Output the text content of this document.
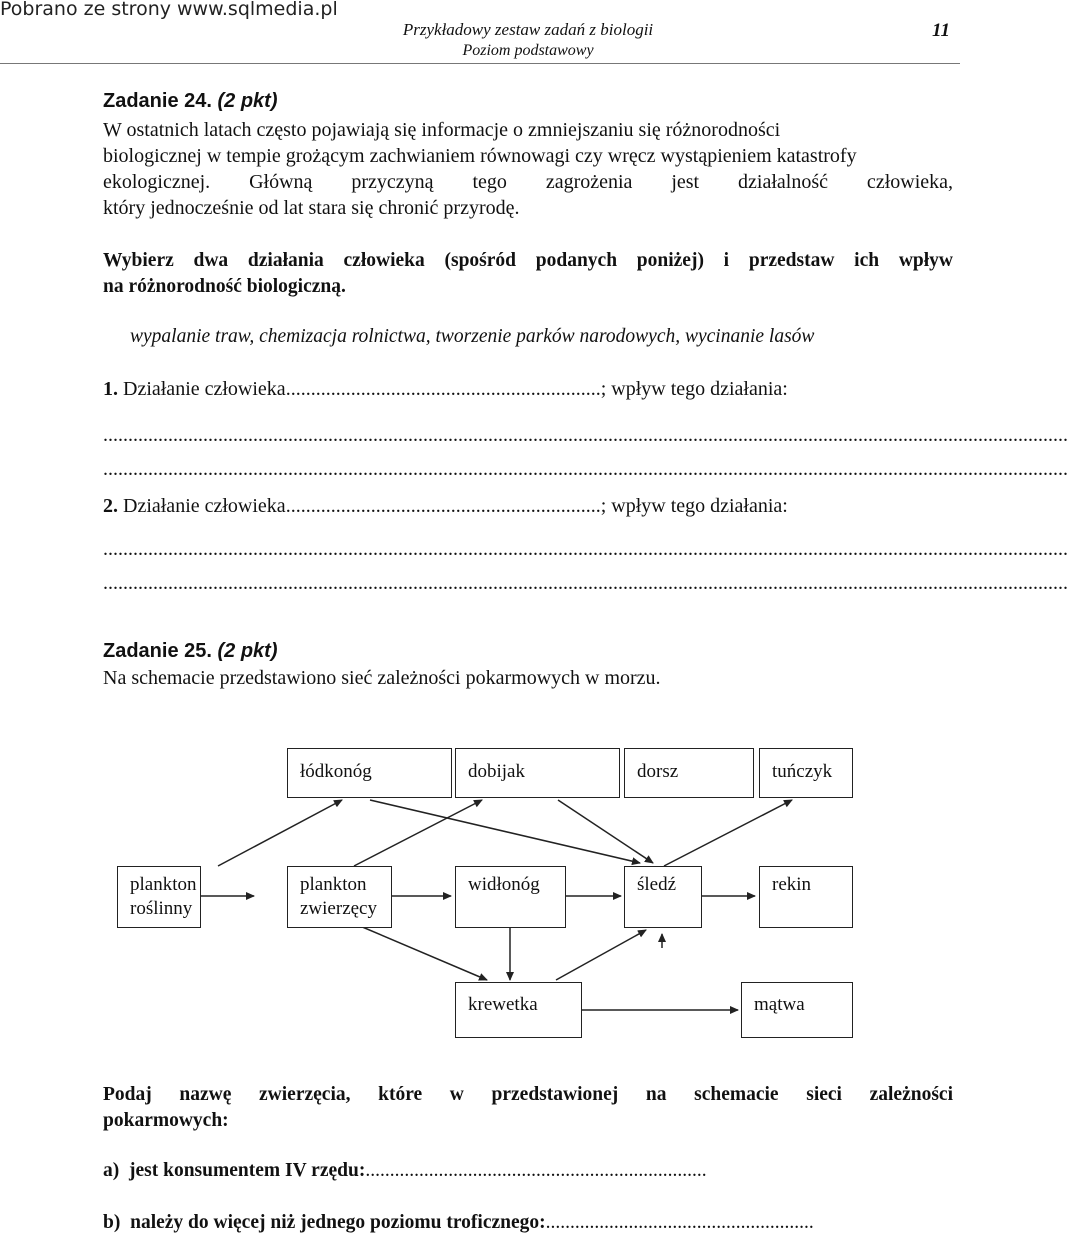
Pobrano ze strony www.sqlmedia.pl
Przykładowy zestaw zadań z biologii
Poziom podstawowy
11
Zadanie 24. (2 pkt)
W ostatnich latach często pojawiają się informacje o zmniejszaniu się różnorodności
biologicznej w tempie grożącym zachwianiem równowagi czy wręcz wystąpieniem katastrofy
ekologicznej. Główną przyczyną tego zagrożenia jest działalność człowieka,
który jednocześnie od lat stara się chronić przyrodę.
Wybierz dwa działania człowieka (spośród podanych poniżej) i przedstaw ich wpływ
na różnorodność biologiczną.
wypalanie traw, chemizacja rolnictwa, tworzenie parków narodowych, wycinanie lasów
1. Działanie człowieka...............................................................; wpływ tego działania:
.................................................................................................................................................................................................
.................................................................................................................................................................................................
2. Działanie człowieka...............................................................; wpływ tego działania:
.................................................................................................................................................................................................
.................................................................................................................................................................................................
Zadanie 25. (2 pkt)
Na schemacie przedstawiono sieć zależności pokarmowych w morzu.
łódkonóg	dobijak	dorsz	tuńczyk
plankton
roślinny
plankton
zwierzęcy
widłonóg	śledź	rekin
krewetka	mątwa
Podaj nazwę zwierzęcia, które w przedstawionej na schemacie sieci zależności
pokarmowych:
a) jest konsumentem IV rzędu:......................................................................
b) należy do więcej niż jednego poziomu troficznego:.......................................................
